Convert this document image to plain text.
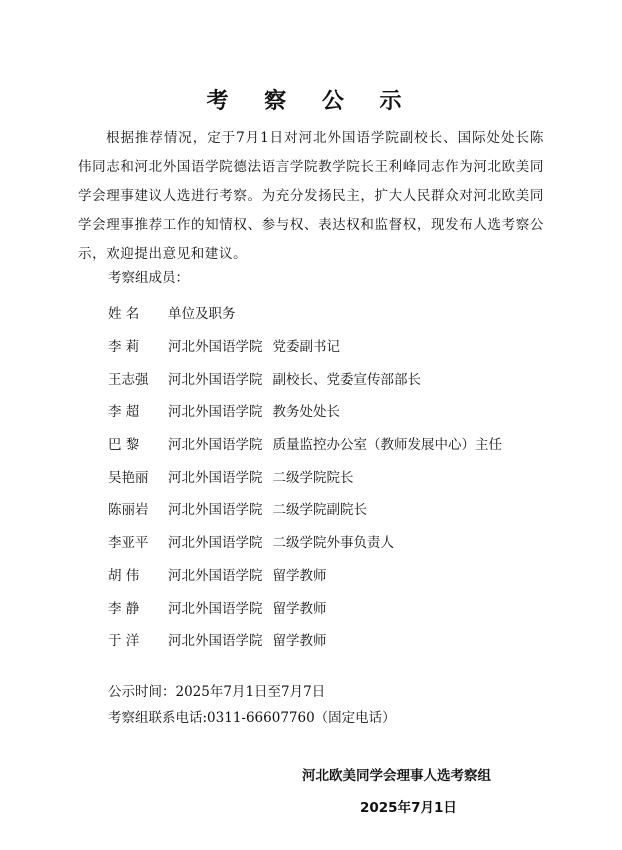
考 察 公 示
根据推荐情况，定于7月1日对河北外国语学院副校长、国际处处长陈伟同志和河北外国语学院德法语言学院教学院长王利峰同志作为河北欧美同学会理事建议人选进行考察。为充分发扬民主，扩大人民群众对河北欧美同学会理事推荐工作的知情权、参与权、表达权和监督权，现发布人选考察公示，欢迎提出意见和建议。
考察组成员：
姓 名	单位及职务
李 莉	河北外国语学院 党委副书记
王志强	河北外国语学院 副校长、党委宣传部部长
李 超	河北外国语学院 教务处处长
巴 黎	河北外国语学院 质量监控办公室（教师发展中心）主任
吴艳丽	河北外国语学院 二级学院院长
陈丽岩	河北外国语学院 二级学院副院长
李亚平	河北外国语学院 二级学院外事负责人
胡 伟	河北外国语学院 留学教师
李 静	河北外国语学院 留学教师
于 洋	河北外国语学院 留学教师
公示时间：2025年7月1日至7月7日
考察组联系电话:0311-66607760（固定电话）
河北欧美同学会理事人选考察组
2025年7月1日
